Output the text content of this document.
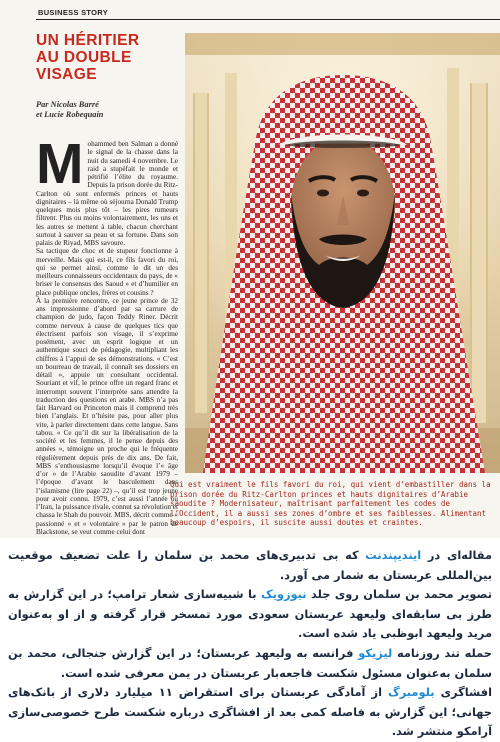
BUSINESS STORY
UN HÉRITIER
AU DOUBLE
VISAGE
Par Nicolas Barré
et Lucie Robequain
M ohammed ben Salman a donné le signal de la chasse dans la nuit du samedi 4 novembre. Le raid a stupéfait le monde et pétrifié l’élite du royaume. Depuis la prison dorée du Ritz-Carlton où sont enfermés princes et hauts dignitaires – là même où séjourna Donald Trump quelques mois plus tôt – les pires rumeurs filtrent. Plus ou moins volontairement, les uns et les autres se mettent à table, chacun cherchant surtout à sauver sa peau et sa fortune. Dans son palais de Riyad, MBS savoure.

Sa tactique de choc et de stupeur fonctionne à merveille. Mais qui est-il, ce fils favori du roi, qui se permet ainsi, comme le dit un des meilleurs connaisseurs occidentaux du pays, de « briser le consensus des Saoud » et d’humilier en place publique oncles, frères et cousins ?

À la première rencontre, ce jeune prince de 32 ans impressionne d’abord par sa carrure de champion de judo, façon Teddy Riner. Décrit comme nerveux à cause de quelques tics que électrisent parfois son visage, il s’exprime posément, avec un esprit logique et un authentique souci de pédagogie, multipliant les chiffres à l’appui de ses démonstrations. « C’est un bourreau de travail, il connaît ses dossiers en détail », appuie un consultant occidental. Souriant et vif, le prince offre un regard franc et interrompt souvent l’interprète sans attendre la traduction des questions en arabe. MBS n’a pas fait Harvard ou Princeton mais il comprend très bien l’anglais. Et n’hésite pas, pour aller plus vite, à parler directement dans cette langue. Sans tabou. « Ce qu’il dit sur la libéralisation de la société et les femmes, il le pense depuis des années », témoigne un proche qui le fréquente régulièrement depuis près de dix ans. De fait, MBS s’enthousiasme lorsqu’il évoque l’« âge d’or » de l’Arabie saoudite d’avant 1979 – l’époque d’avant le basculement dans l’islamisme (lire page 22) –, qu’il est trop jeune pour avoir connu. 1979, c’est aussi l’année où l’Iran, la puissance rivale, connut sa révolution et chassa le Shah du pouvoir. MBS, décrit comme « passionné » et « volontaire » par le patron de Blackstone, se veut comme celui dont

Qui est vraiment le fils favori du roi, qui vient d’embastiller dans la prison dorée du Ritz-Carlton princes et hauts dignitaires d’Arabie saoudite ? Modernisateur, maîtrisant parfaitement les codes de l’Occident, il a aussi ses zones d’ombre et ses faiblesses. Alimentant beaucoup d’espoirs, il suscite aussi doutes et craintes.

مقاله‌ای در ایندیپندنت که بی تدبیری‌های محمد بن سلمان را علت تضعیف موقعیت بین‌المللی عربستان به شمار می آورد.

تصویر محمد بن سلمان روی جلد نیوزویک با شبیه‌سازی شعار ترامپ؛ در این گزارش به طرز بی سابقه‌ای ولیعهد عربستان سعودی مورد تمسخر قرار گرفته و از او به‌عنوان مرید ولیعهد ابوظبی یاد شده است.

حمله تند روزنامه لیزیکو فرانسه به ولیعهد عربستان؛ در این گزارش جنجالی، محمد بن سلمان به‌عنوان مسئول شکست فاجعه‌بار عربستان در یمن معرفی شده است.

افشاگری بلومبرگ از آمادگی عربستان برای استقراض ۱۱ میلیارد دلاری از بانک‌های جهانی؛ این گزارش به فاصله کمی بعد از افشاگری درباره شکست طرح خصوصی‌سازی آرامکو منتشر شد.
